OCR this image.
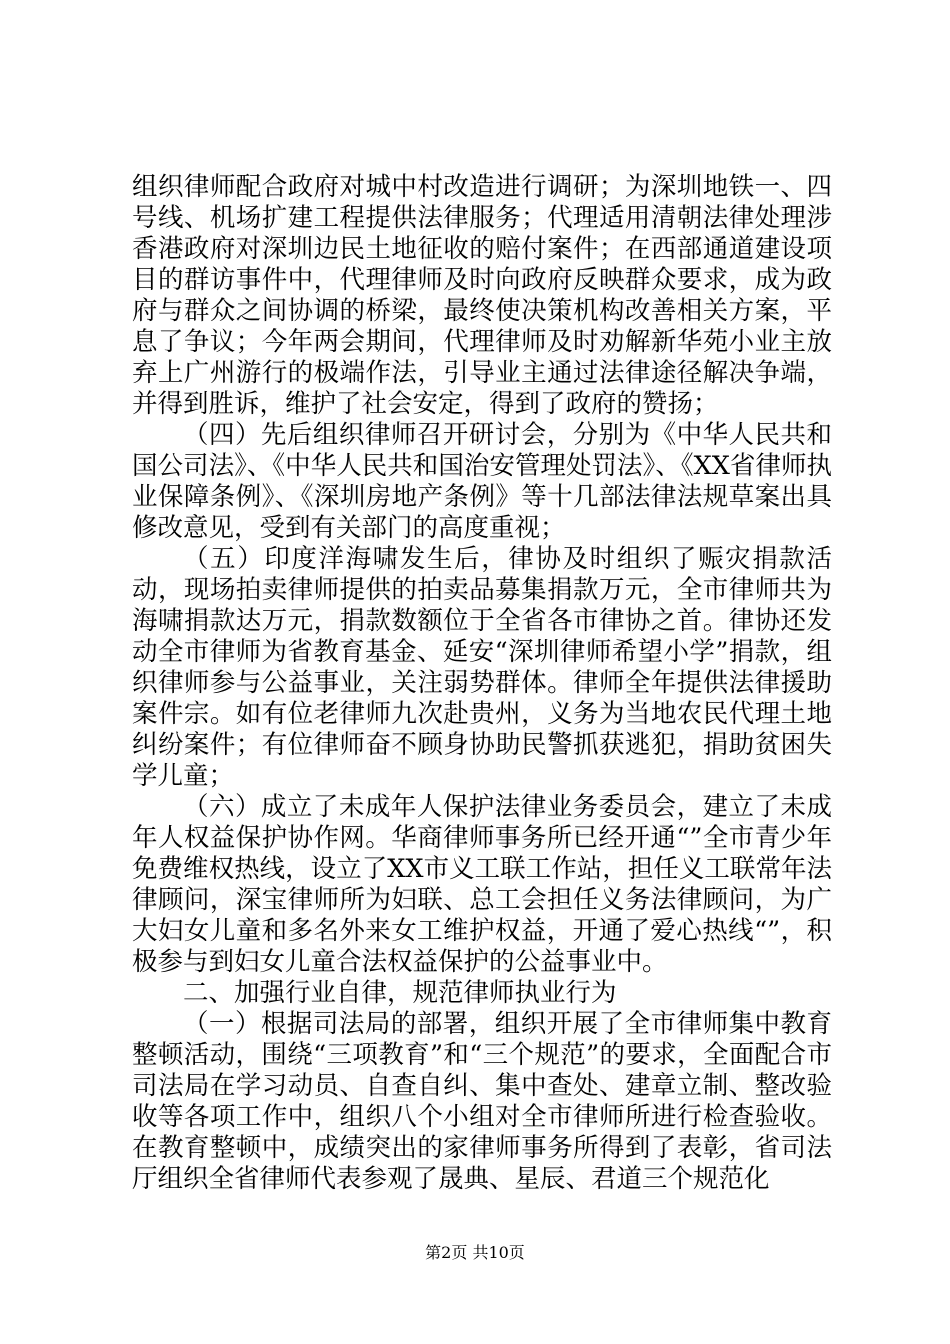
组织律师配合政府对城中村改造进行调研；为深圳地铁一、四号线、机场扩建工程提供法律服务；代理适用清朝法律处理涉香港政府对深圳边民土地征收的赔付案件；在西部通道建设项目的群访事件中，代理律师及时向政府反映群众要求，成为政府与群众之间协调的桥梁，最终使决策机构改善相关方案，平息了争议；今年两会期间，代理律师及时劝解新华苑小业主放弃上广州游行的极端作法，引导业主通过法律途径解决争端，并得到胜诉，维护了社会安定，得到了政府的赞扬；

（四）先后组织律师召开研讨会，分别为《中华人民共和国公司法》、《中华人民共和国治安管理处罚法》、《XX省律师执业保障条例》、《深圳房地产条例》等十几部法律法规草案出具修改意见，受到有关部门的高度重视；

（五）印度洋海啸发生后，律协及时组织了赈灾捐款活动，现场拍卖律师提供的拍卖品募集捐款万元，全市律师共为海啸捐款达万元，捐款数额位于全省各市律协之首。律协还发动全市律师为省教育基金、延安“深圳律师希望小学”捐款，组织律师参与公益事业，关注弱势群体。律师全年提供法律援助案件宗。如有位老律师九次赴贵州，义务为当地农民代理土地纠纷案件；有位律师奋不顾身协助民警抓获逃犯，捐助贫困失学儿童；

（六）成立了未成年人保护法律业务委员会，建立了未成年人权益保护协作网。华商律师事务所已经开通“”全市青少年免费维权热线，设立了XX市义工联工作站，担任义工联常年法律顾问，深宝律师所为妇联、总工会担任义务法律顾问，为广大妇女儿童和多名外来女工维护权益，开通了爱心热线“”，积极参与到妇女儿童合法权益保护的公益事业中。

二、加强行业自律，规范律师执业行为

（一）根据司法局的部署，组织开展了全市律师集中教育整顿活动，围绕“三项教育”和“三个规范”的要求，全面配合市司法局在学习动员、自查自纠、集中查处、建章立制、整改验收等各项工作中，组织八个小组对全市律师所进行检查验收。在教育整顿中，成绩突出的家律师事务所得到了表彰，省司法厅组织全省律师代表参观了晟典、星辰、君道三个规范化

第2页 共10页
